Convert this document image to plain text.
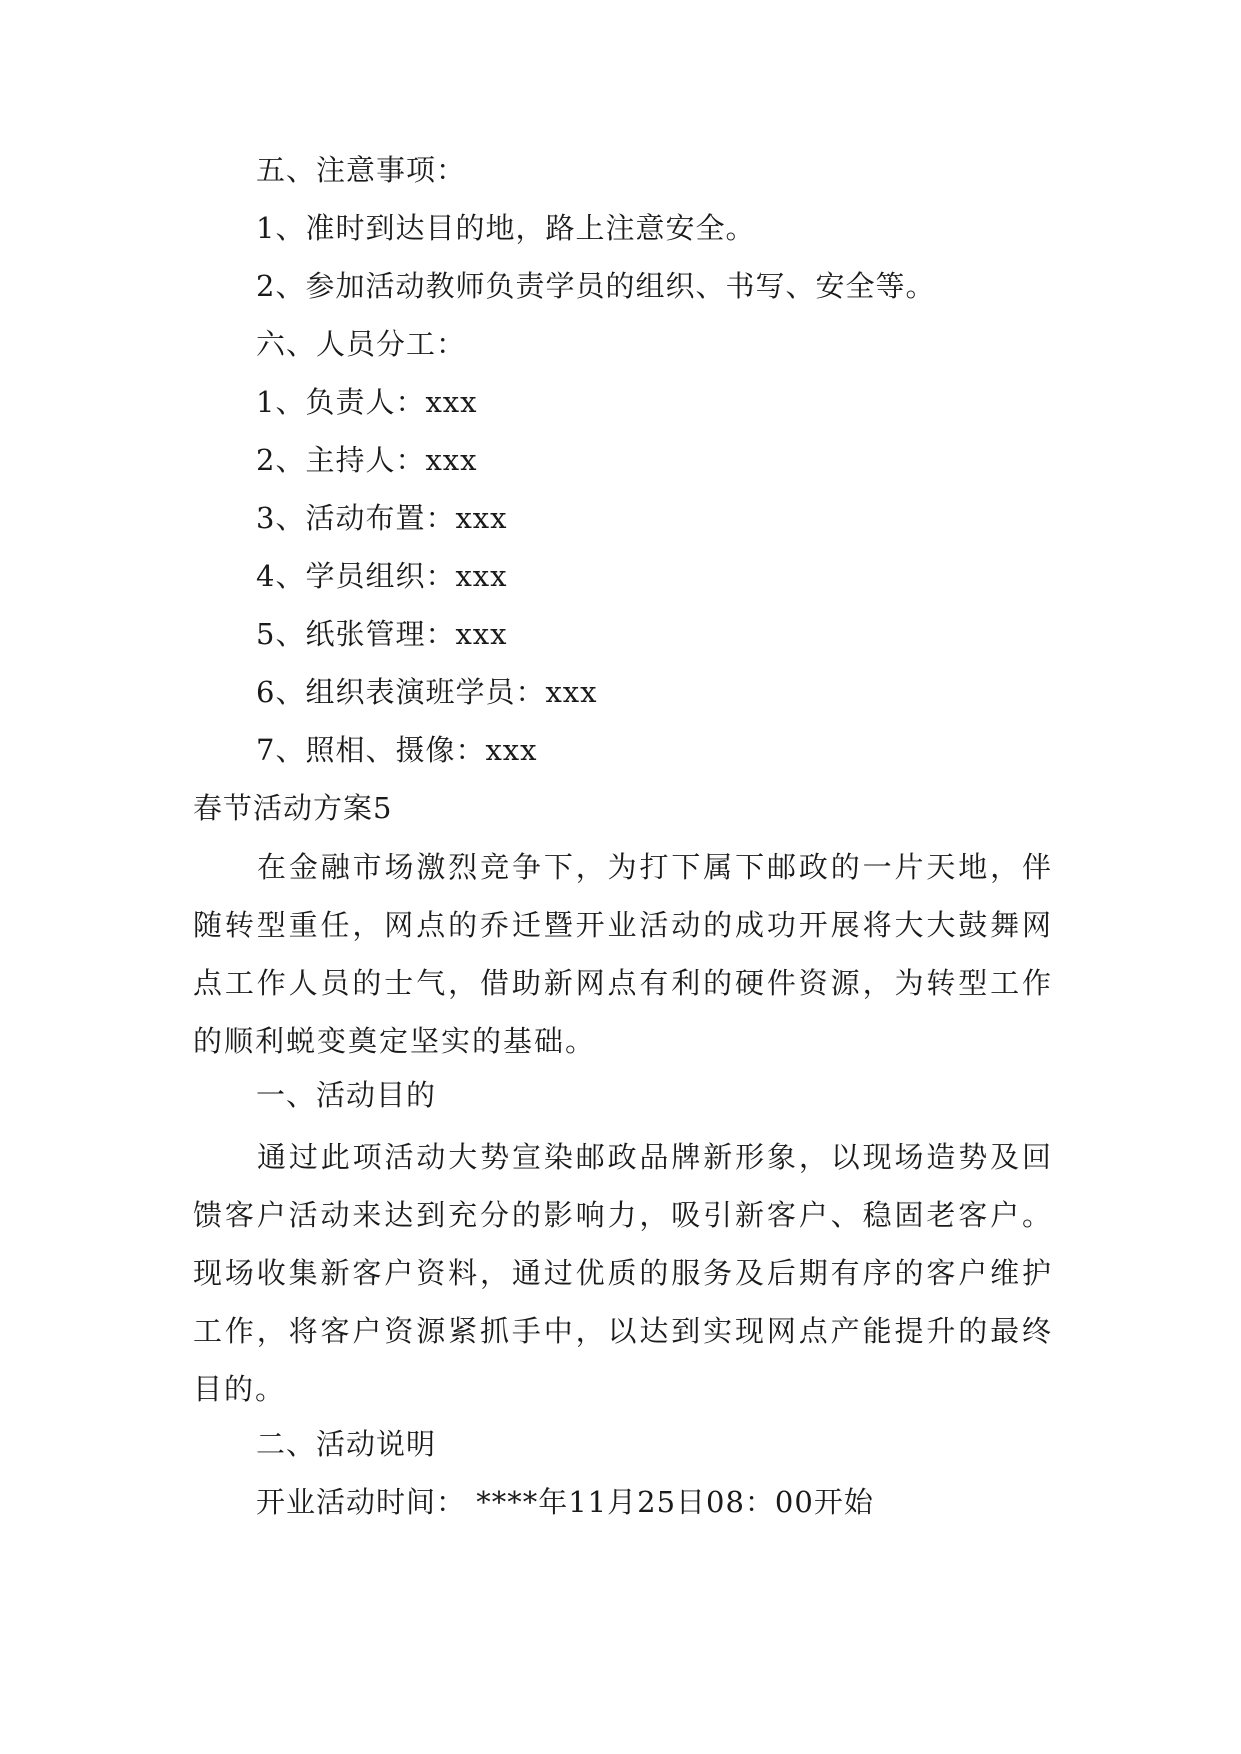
五、注意事项：
1、准时到达目的地，路上注意安全。
2、参加活动教师负责学员的组织、书写、安全等。
六、人员分工：
1、负责人：xxx
2、主持人：xxx
3、活动布置：xxx
4、学员组织：xxx
5、纸张管理：xxx
6、组织表演班学员：xxx
7、照相、摄像：xxx
春节活动方案5

在金融市场激烈竞争下，为打下属下邮政的一片天地，伴随转型重任，网点的乔迁暨开业活动的成功开展将大大鼓舞网点工作人员的士气，借助新网点有利的硬件资源，为转型工作的顺利蜕变奠定坚实的基础。

一、活动目的

通过此项活动大势宣染邮政品牌新形象，以现场造势及回馈客户活动来达到充分的影响力，吸引新客户、稳固老客户。现场收集新客户资料，通过优质的服务及后期有序的客户维护工作，将客户资源紧抓手中，以达到实现网点产能提升的最终目的。

二、活动说明
开业活动时间： ****年11月25日08：00开始
